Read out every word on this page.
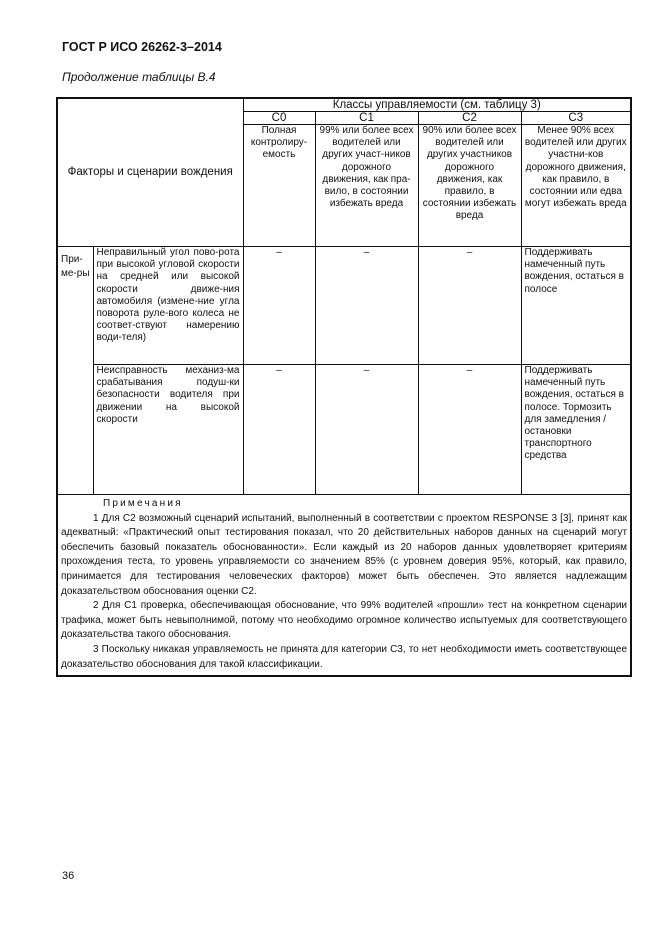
ГОСТ Р ИСО 26262-3–2014
Продолжение таблицы В.4
Факторы и сценарии вождения		Классы управляемости (см. таблицу 3)			
		C0	C1	C2	C3
		Полная контролиру-емость	99% или более всех водителей или других участ-ников дорожного движения, как пра-вило, в состоянии избежать вреда	90% или более всех водителей или других участников дорожного движения, как правило, в состоянии избежать вреда	Менее 90% всех водителей или других участни-ков дорожного движения, как правило, в состоянии или едва могут избежать вреда
При-ме-ры	Неправильный угол пово-рота при высокой угловой скорости на средней или высокой скорости движе-ния автомобиля (измене-ние угла поворота руле-вого колеса не соответ-ствуют намерению води-теля)	–	–	–	Поддерживать намеченный путь вождения, остаться в полосе
	Неисправность механиз-ма срабатывания подуш-ки безопасности водителя при движении на высокой скорости	–	–	–	Поддерживать намеченный путь вождения, остаться в полосе. Тормозить для замедления / остановки транспортного средства

Примечания

1 Для С2 возможный сценарий испытаний, выполненный в соответствии с проектом RESPONSE 3 [3], принят как адекватный: «Практический опыт тестирования показал, что 20 действительных наборов данных на сценарий могут обеспечить базовый показатель обоснованности». Если каждый из 20 наборов данных удовлетворяет критериям прохождения теста, то уровень управляемости со значением 85% (с уровнем доверия 95%, который, как правило, принимается для тестирования человеческих факторов) может быть обеспечен. Это является надлежащим доказательством обоснования оценки С2.

2 Для С1 проверка, обеспечивающая обоснование, что 99% водителей «прошли» тест на конкретном сценарии трафика, может быть невыполнимой, потому что необходимо огромное количество испытуемых для соответствующего доказательства такого обоснования.

3 Поскольку никакая управляемость не принята для категории С3, то нет необходимости иметь соответствующее доказательство обоснования для такой классификации.					

36
